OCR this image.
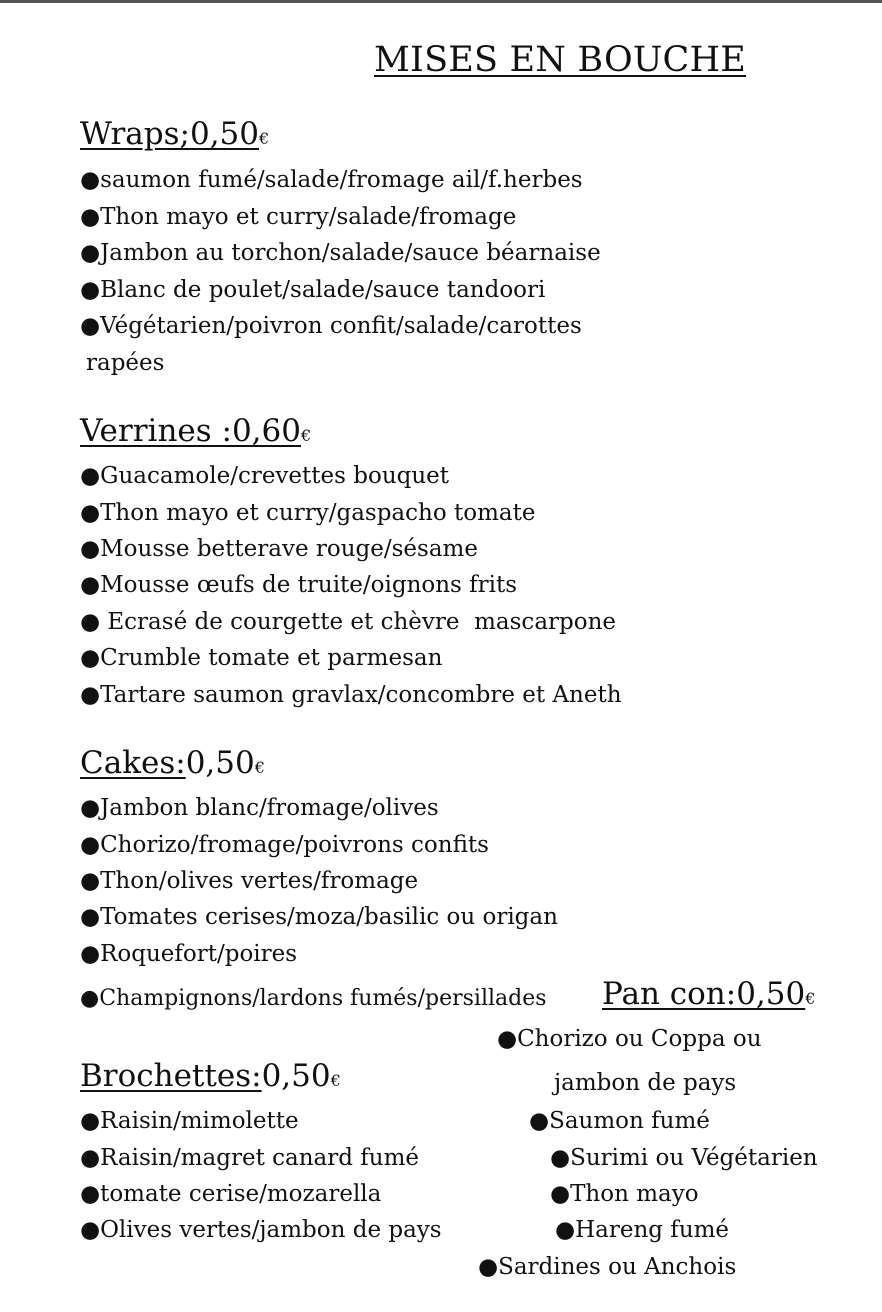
MISES EN BOUCHE
Wraps;0,50€
●saumon fumé/salade/fromage ail/f.herbes
●Thon mayo et curry/salade/fromage
●Jambon au torchon/salade/sauce béarnaise
●Blanc de poulet/salade/sauce tandoori
●Végétarien/poivron confit/salade/carottes
rapées
Verrines :0,60€
●Guacamole/crevettes bouquet
●Thon mayo et curry/gaspacho tomate
●Mousse betterave rouge/sésame
●Mousse œufs de truite/oignons frits
● Ecrasé de courgette et chèvre  mascarpone
●Crumble tomate et parmesan
●Tartare saumon gravlax/concombre et Aneth
Cakes:0,50€
●Jambon blanc/fromage/olives
●Chorizo/fromage/poivrons confits
●Thon/olives vertes/fromage
●Tomates cerises/moza/basilic ou origan
●Roquefort/poires
●Champignons/lardons fumés/persillades Pan con:0,50€
●Chorizo ou Coppa ou
jambon de pays
●Saumon fumé
●Surimi ou Végétarien
●Thon mayo
●Hareng fumé
●Sardines ou Anchois
Brochettes:0,50€
●Raisin/mimolette
●Raisin/magret canard fumé
●tomate cerise/mozarella
●Olives vertes/jambon de pays
